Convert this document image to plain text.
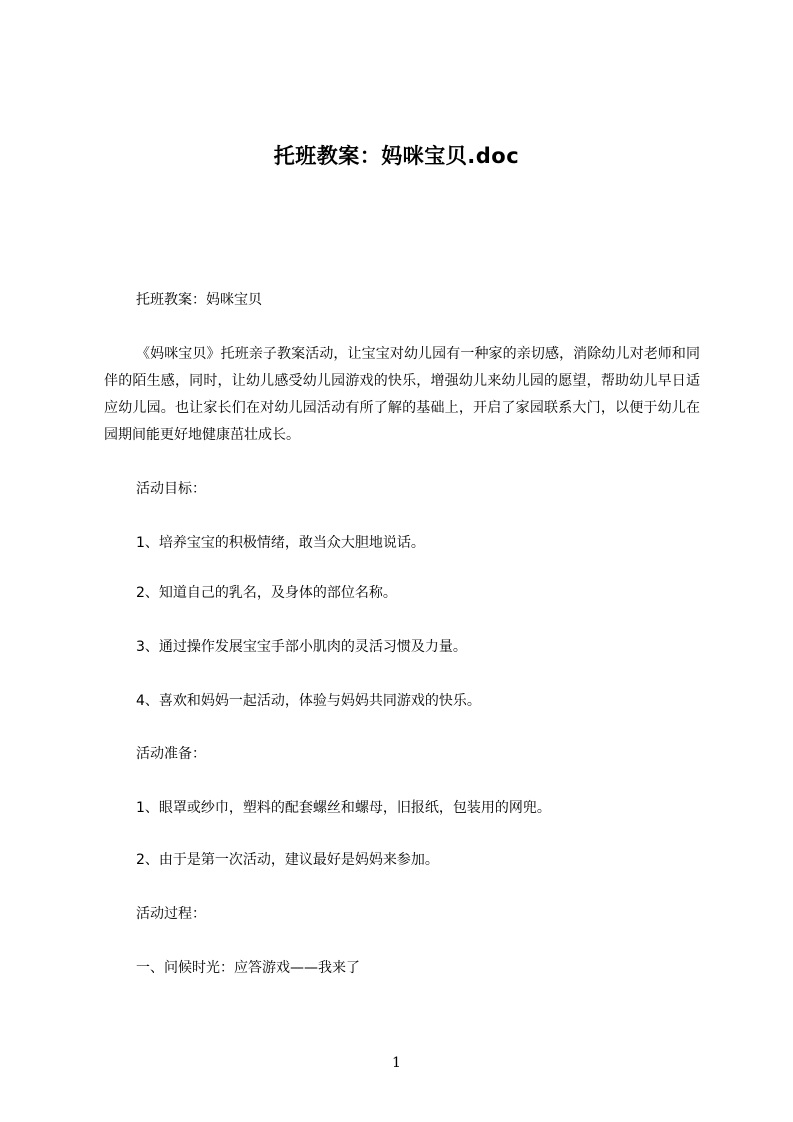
托班教案：妈咪宝贝.doc
托班教案：妈咪宝贝
《妈咪宝贝》托班亲子教案活动，让宝宝对幼儿园有一种家的亲切感，消除幼儿对老师和同伴的陌生感，同时，让幼儿感受幼儿园游戏的快乐，增强幼儿来幼儿园的愿望，帮助幼儿早日适应幼儿园。也让家长们在对幼儿园活动有所了解的基础上，开启了家园联系大门，以便于幼儿在园期间能更好地健康茁壮成长。
活动目标：
1、培养宝宝的积极情绪，敢当众大胆地说话。
2、知道自己的乳名，及身体的部位名称。
3、通过操作发展宝宝手部小肌肉的灵活习惯及力量。
4、喜欢和妈妈一起活动，体验与妈妈共同游戏的快乐。
活动准备：
1、眼罩或纱巾，塑料的配套螺丝和螺母，旧报纸，包装用的网兜。
2、由于是第一次活动，建议最好是妈妈来参加。
活动过程：
一、问候时光：应答游戏——我来了
1
